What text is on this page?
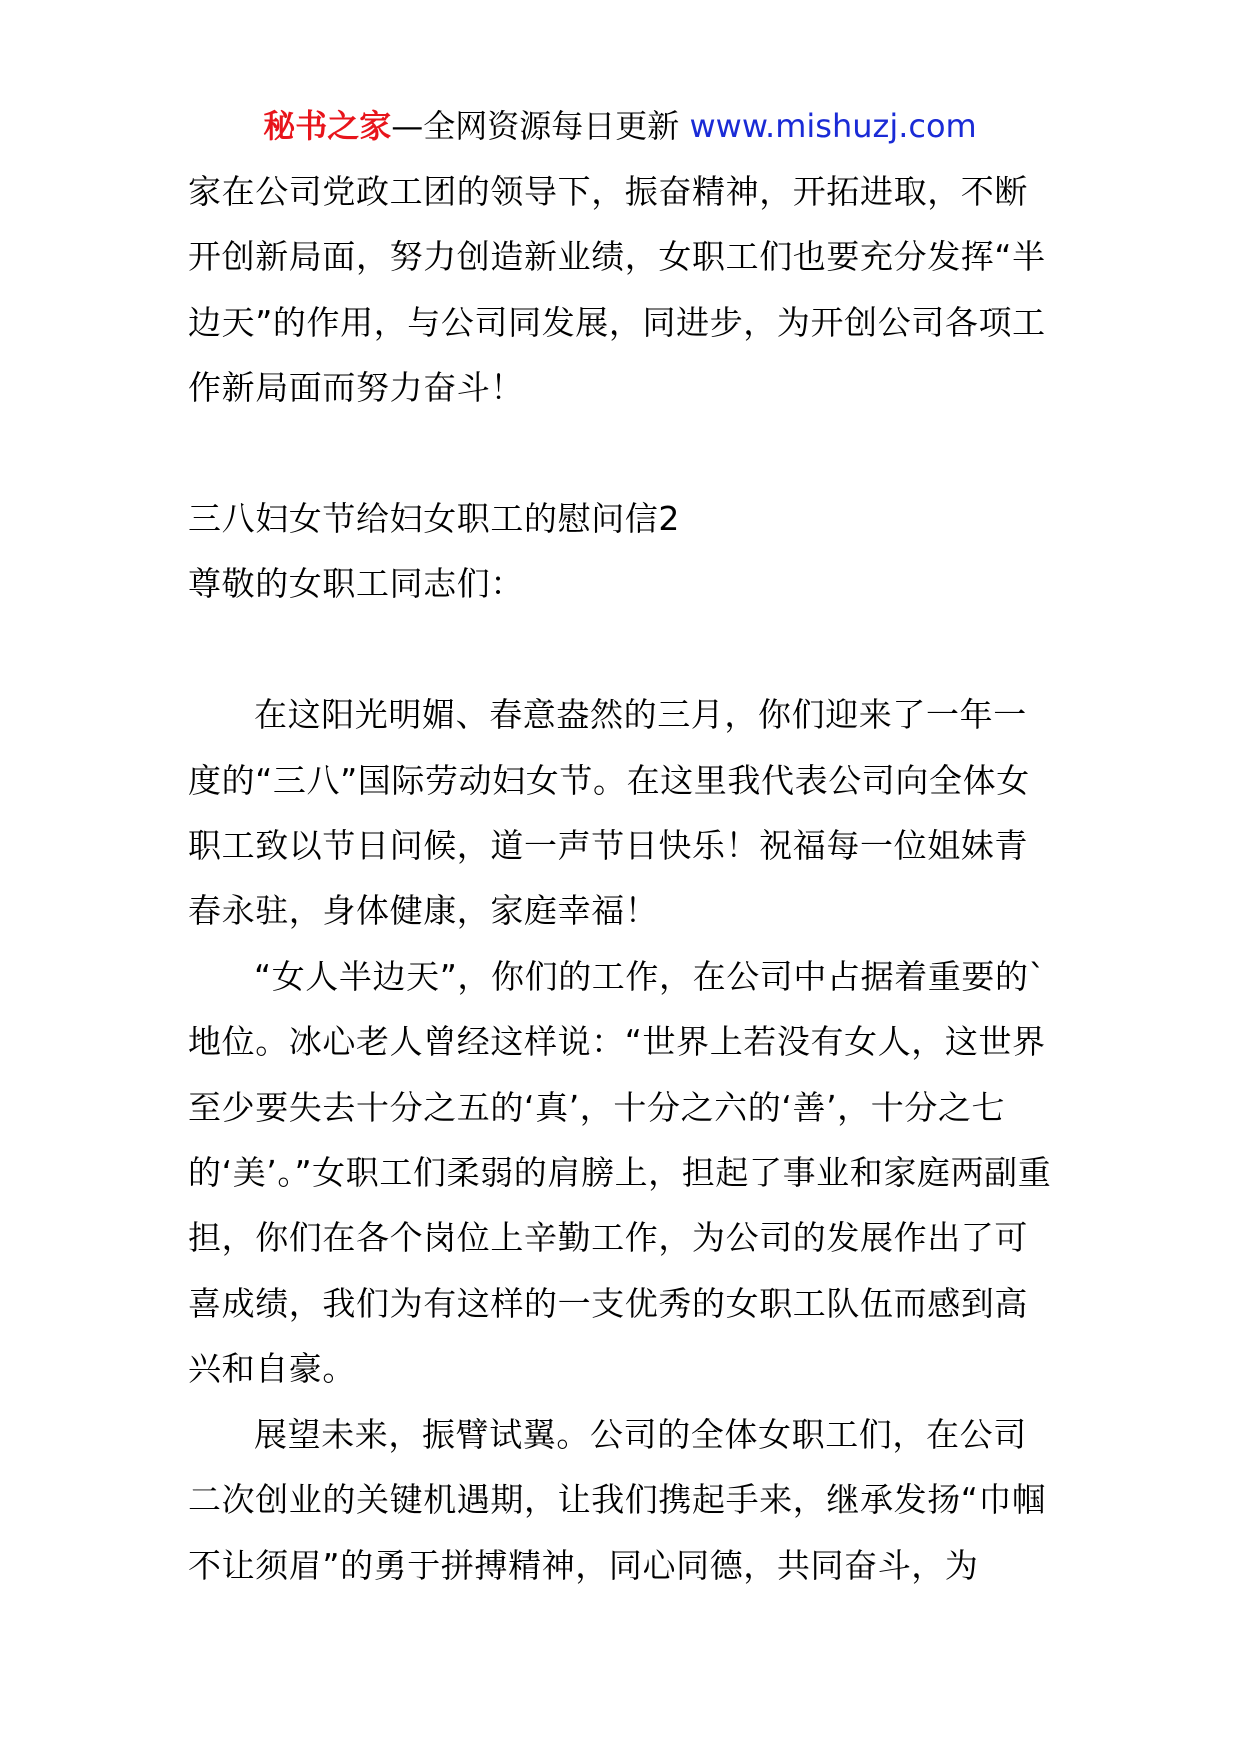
秘书之家—全网资源每日更新 www.mishuzj.com

家在公司党政工团的领导下，振奋精神，开拓进取，不断开创新局面，努力创造新业绩，女职工们也要充分发挥“半边天”的作用，与公司同发展，同进步，为开创公司各项工作新局面而努力奋斗！

三八妇女节给妇女职工的慰问信2

尊敬的女职工同志们：

在这阳光明媚、春意盎然的三月，你们迎来了一年一度的“三八”国际劳动妇女节。在这里我代表公司向全体女职工致以节日问候，道一声节日快乐！祝福每一位姐妹青春永驻，身体健康，家庭幸福！

“女人半边天”，你们的工作，在公司中占据着重要的`地位。冰心老人曾经这样说：“世界上若没有女人，这世界至少要失去十分之五的‘真’，十分之六的‘善’，十分之七的‘美’。”女职工们柔弱的肩膀上，担起了事业和家庭两副重担，你们在各个岗位上辛勤工作，为公司的发展作出了可喜成绩，我们为有这样的一支优秀的女职工队伍而感到高兴和自豪。

展望未来，振臂试翼。公司的全体女职工们，在公司二次创业的关键机遇期，让我们携起手来，继承发扬“巾帼不让须眉”的勇于拼搏精神，同心同德，共同奋斗，为
